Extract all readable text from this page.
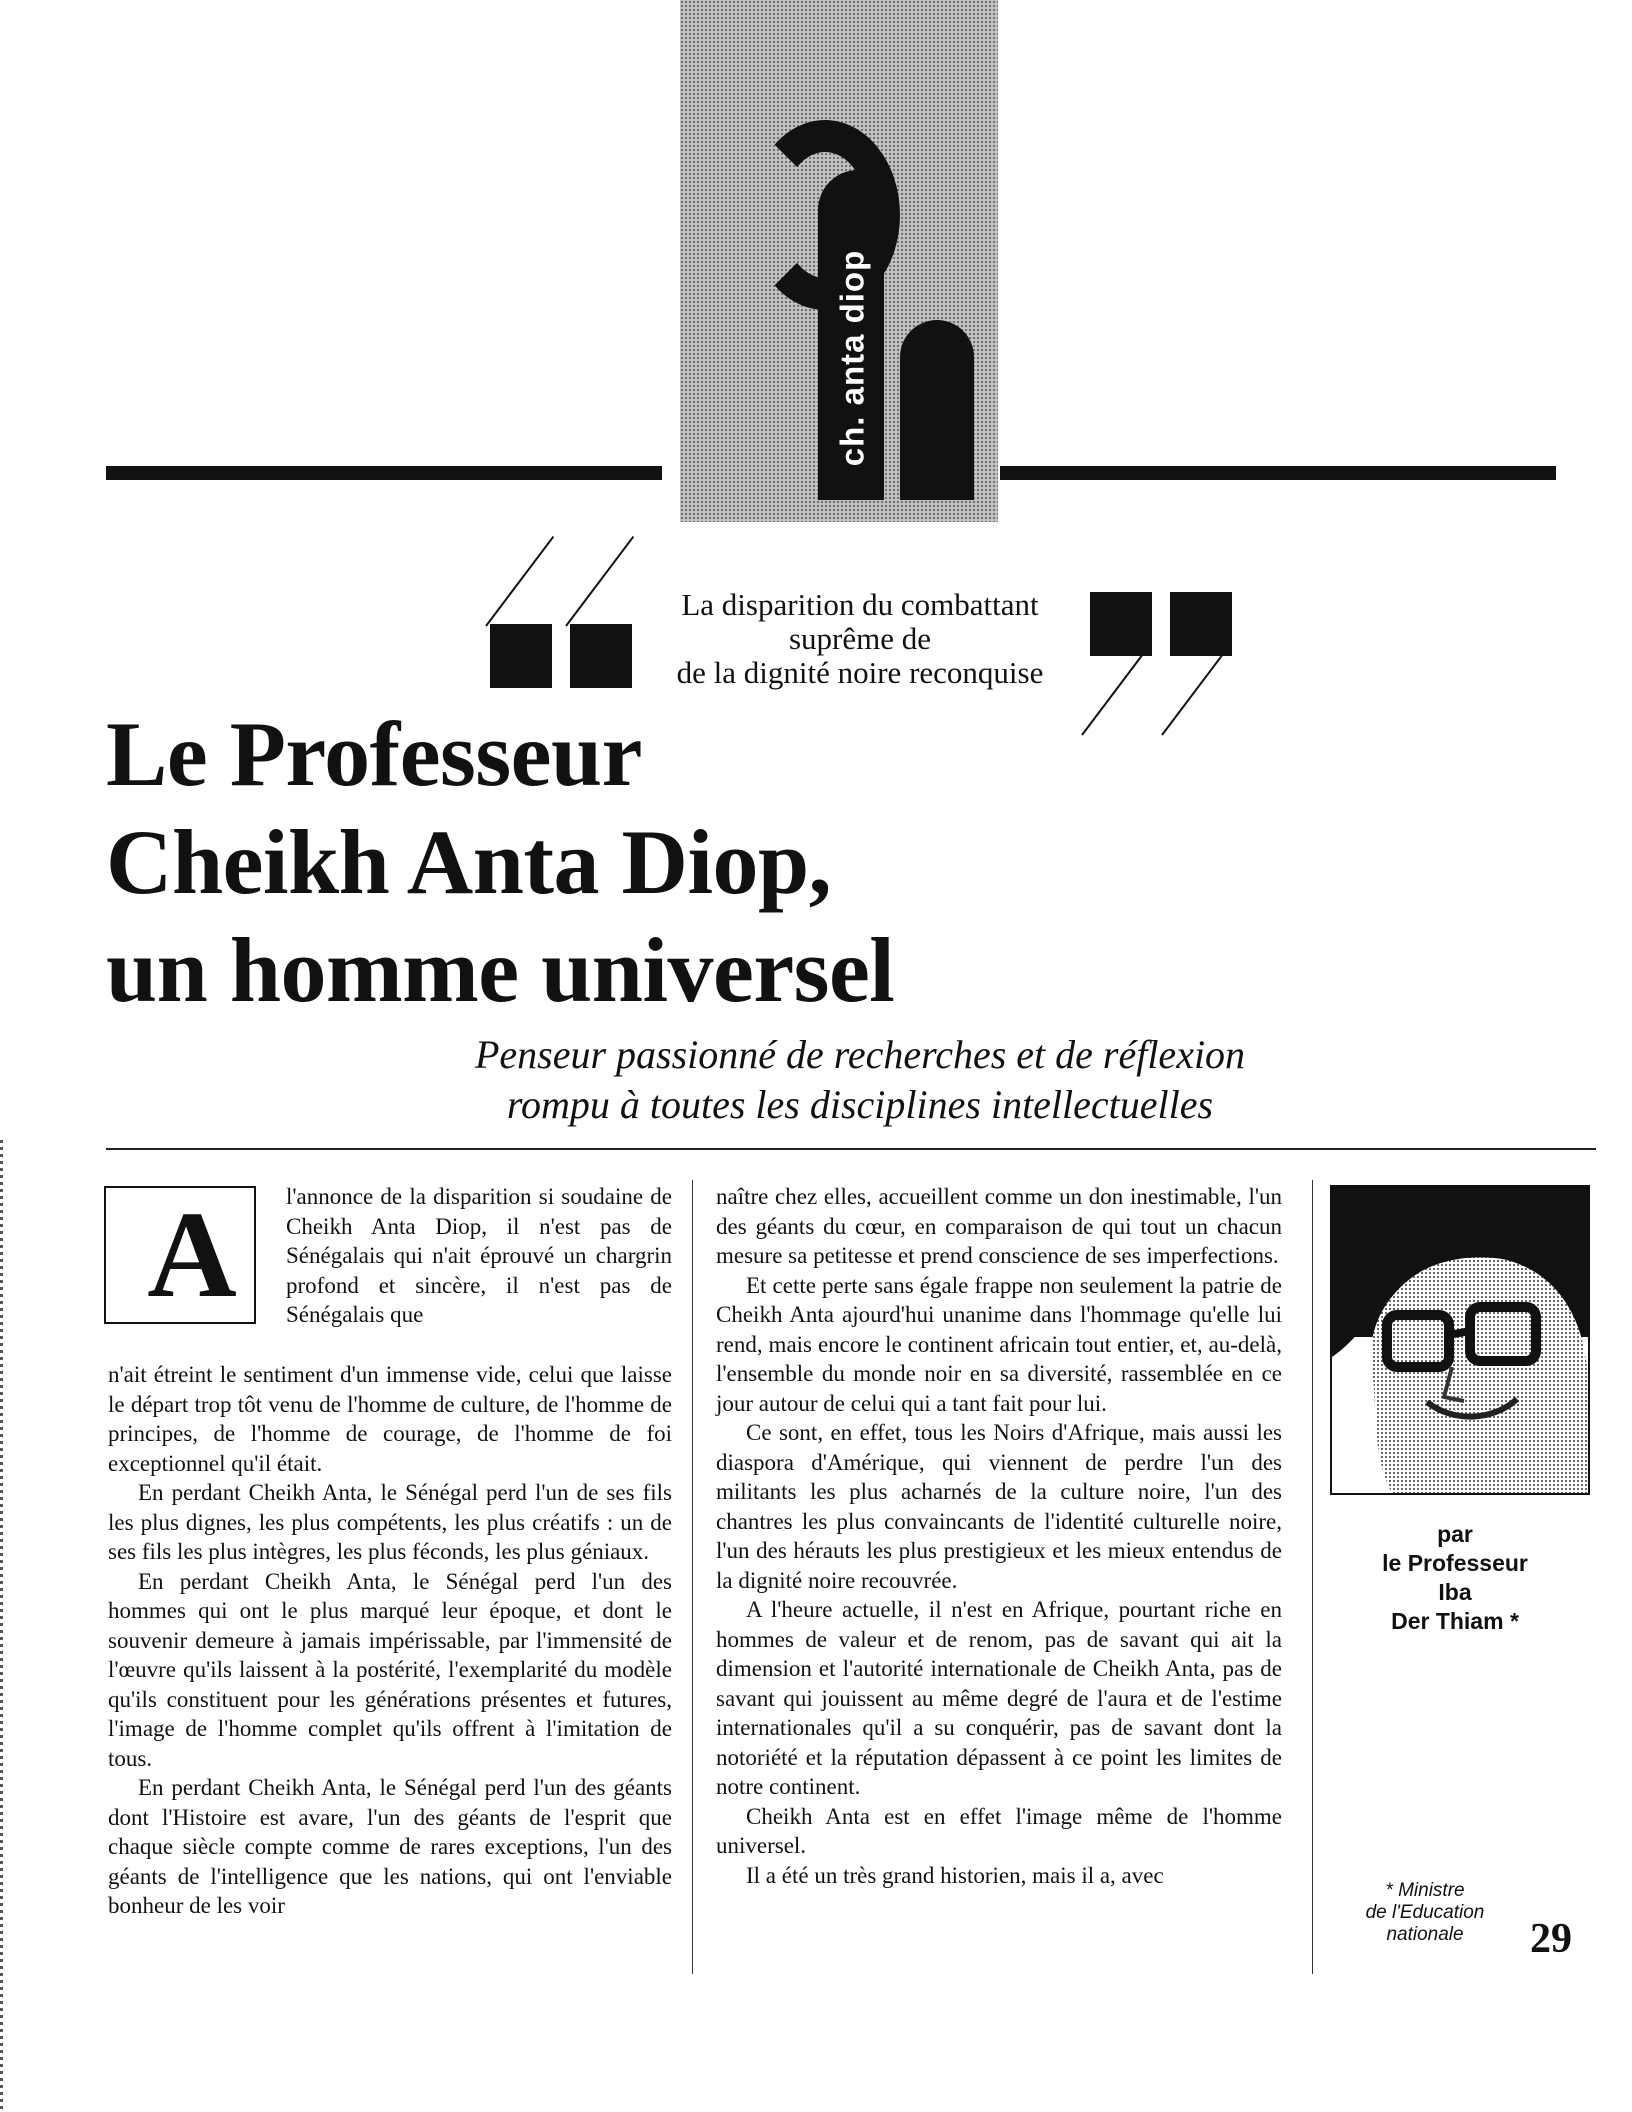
ch. anta diop
La disparition du combattant
suprême de
de la dignité noire reconquise
Le Professeur
Cheikh Anta Diop,
un homme universel
Penseur passionné de recherches et de réflexion
rompu à toutes les disciplines intellectuelles
A l'annonce de la disparition si soudaine de Cheikh Anta Diop, il n'est pas de Sénégalais qui n'ait éprouvé un chargrin profond et sincère, il n'est pas de Sénégalais que

n'ait étreint le sentiment d'un immense vide, celui que laisse le départ trop tôt venu de l'homme de culture, de l'homme de principes, de l'homme de courage, de l'homme de foi exceptionnel qu'il était.

En perdant Cheikh Anta, le Sénégal perd l'un de ses fils les plus dignes, les plus compétents, les plus créatifs : un de ses fils les plus intègres, les plus féconds, les plus géniaux.

En perdant Cheikh Anta, le Sénégal perd l'un des hommes qui ont le plus marqué leur époque, et dont le souvenir demeure à jamais impérissable, par l'immensité de l'œuvre qu'ils laissent à la postérité, l'exemplarité du modèle qu'ils constituent pour les générations présentes et futures, l'image de l'homme complet qu'ils offrent à l'imitation de tous.

En perdant Cheikh Anta, le Sénégal perd l'un des géants dont l'Histoire est avare, l'un des géants de l'esprit que chaque siècle compte comme de rares exceptions, l'un des géants de l'intelligence que les nations, qui ont l'enviable bonheur de les voir

naître chez elles, accueillent comme un don inestimable, l'un des géants du cœur, en comparaison de qui tout un chacun mesure sa petitesse et prend conscience de ses imperfections.

Et cette perte sans égale frappe non seulement la patrie de Cheikh Anta ajourd'hui unanime dans l'hommage qu'elle lui rend, mais encore le continent africain tout entier, et, au-delà, l'ensemble du monde noir en sa diversité, rassemblée en ce jour autour de celui qui a tant fait pour lui.

Ce sont, en effet, tous les Noirs d'Afrique, mais aussi les diaspora d'Amérique, qui viennent de perdre l'un des militants les plus acharnés de la culture noire, l'un des chantres les plus convaincants de l'identité culturelle noire, l'un des hérauts les plus prestigieux et les mieux entendus de la dignité noire recouvrée.

A l'heure actuelle, il n'est en Afrique, pourtant riche en hommes de valeur et de renom, pas de savant qui ait la dimension et l'autorité internationale de Cheikh Anta, pas de savant qui jouissent au même degré de l'aura et de l'estime internationales qu'il a su conquérir, pas de savant dont la notoriété et la réputation dépassent à ce point les limites de notre continent.

Cheikh Anta est en effet l'image même de l'homme universel.

Il a été un très grand historien, mais il a, avec

par
le Professeur
Iba
Der Thiam *
* Ministre
de l'Education
nationale	29
